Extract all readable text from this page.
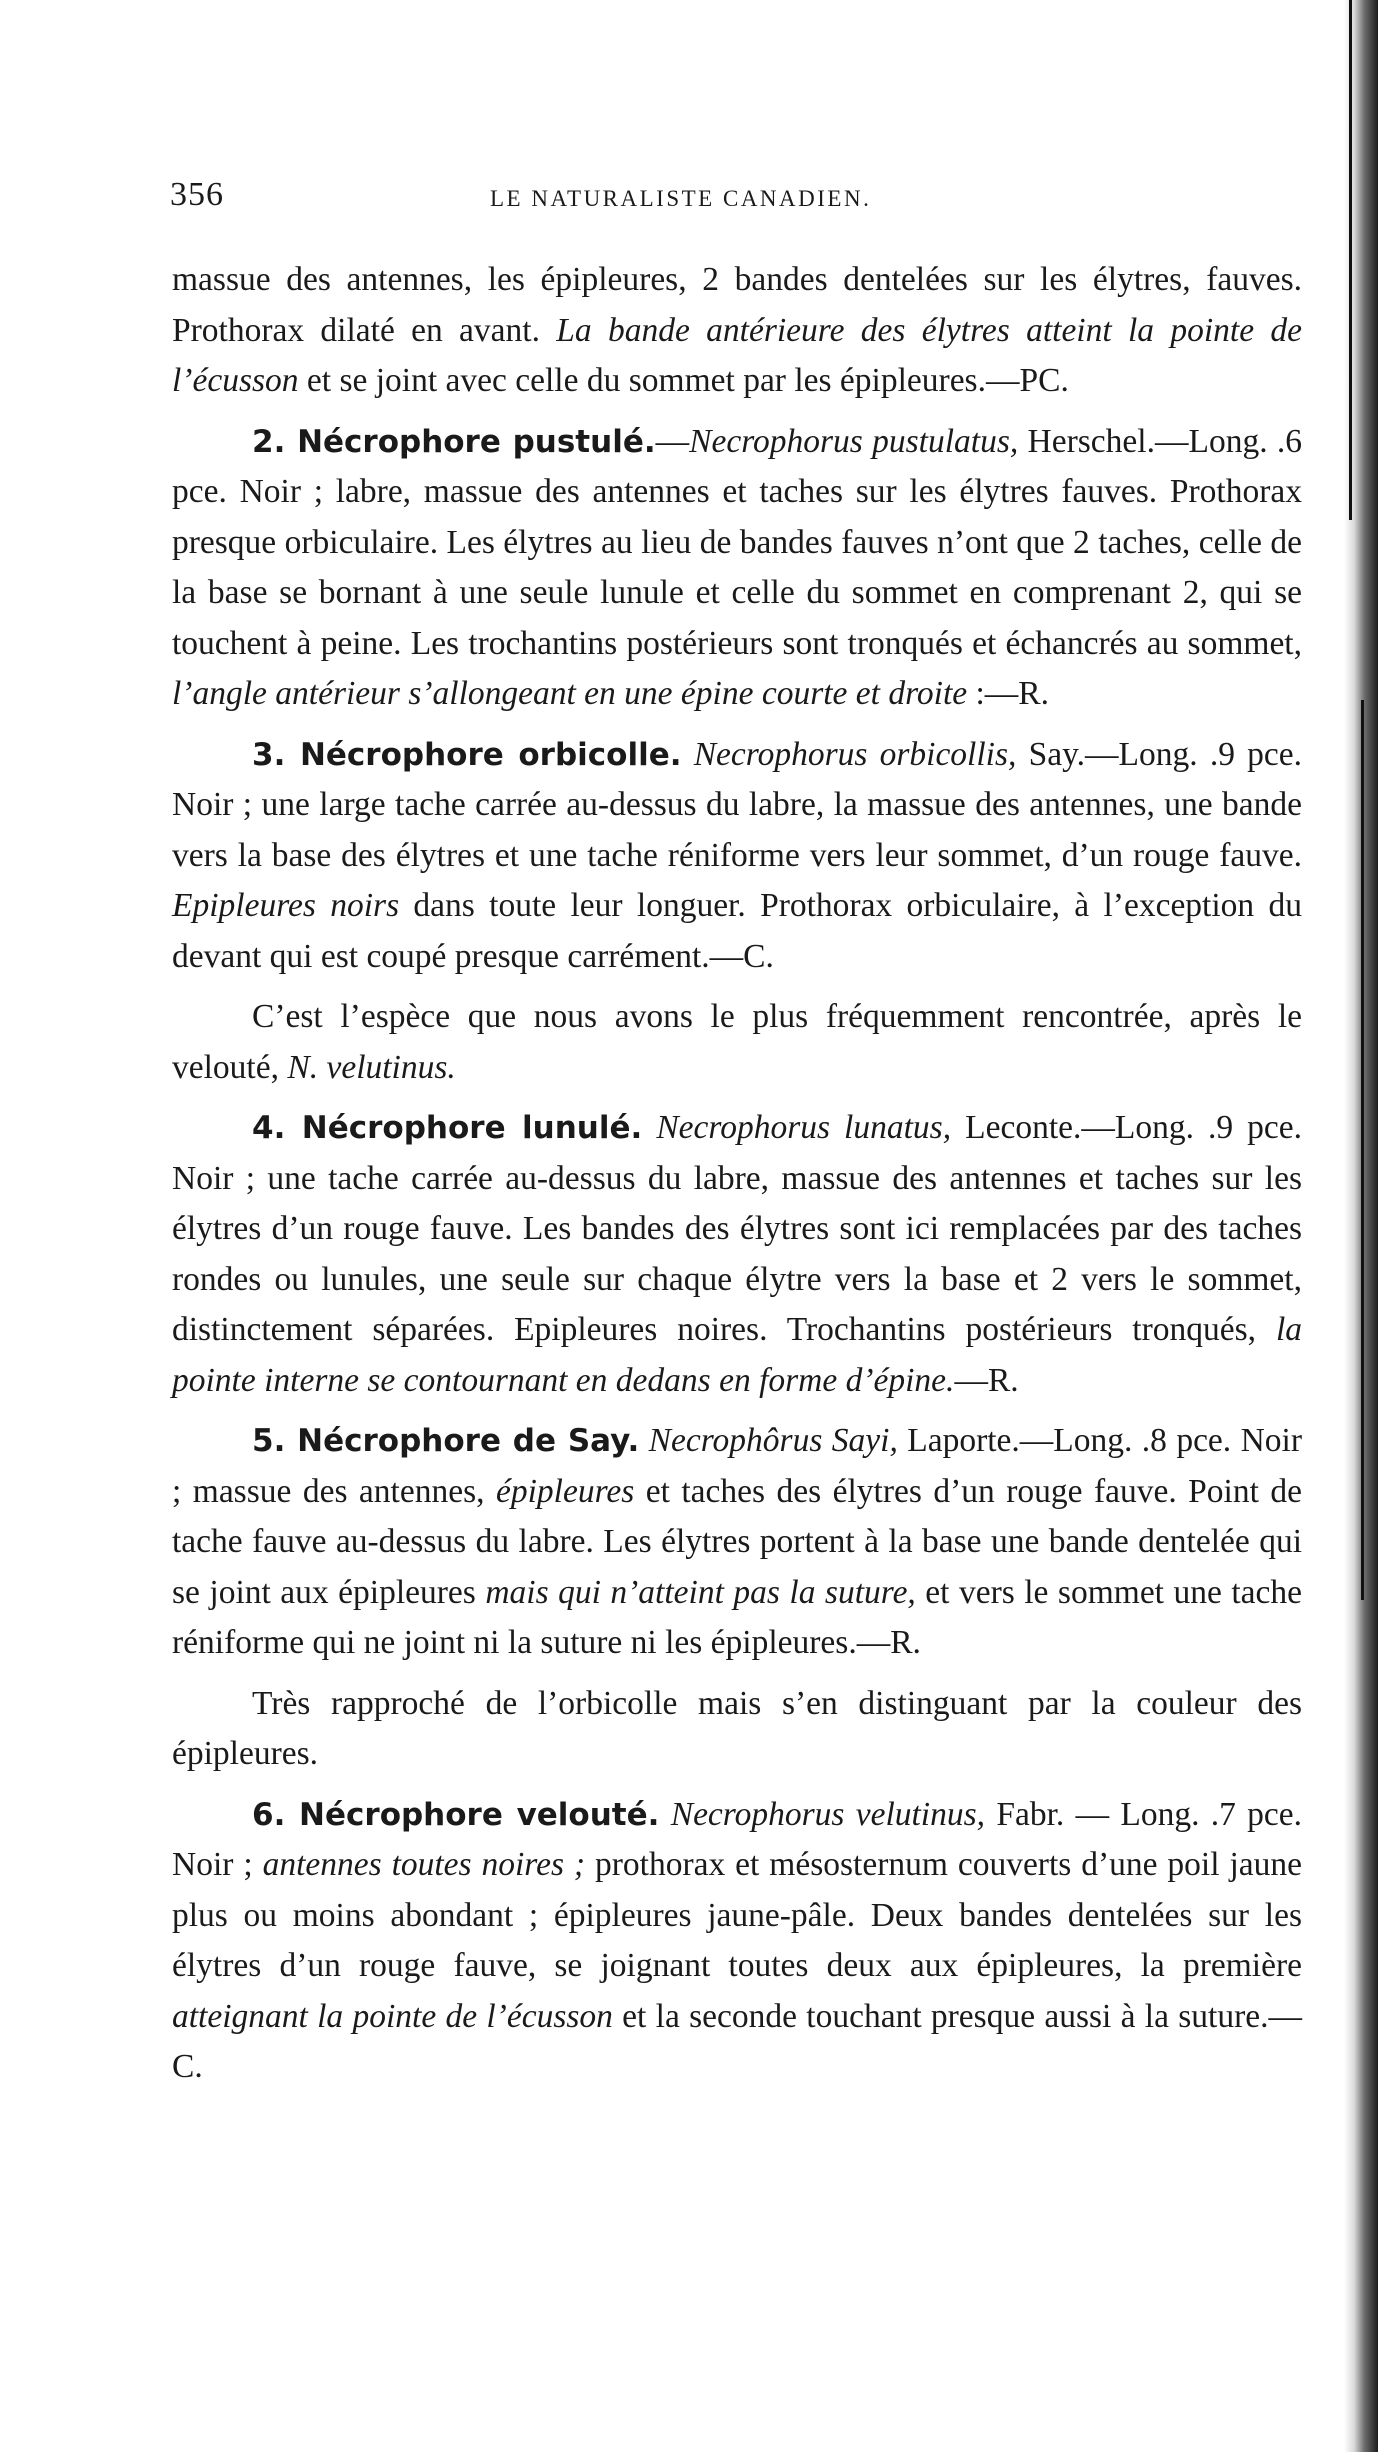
356	LE NATURALISTE CANADIEN.

massue des antennes, les épipleures, 2 bandes dentelées sur les élytres, fauves. Prothorax dilaté en avant. La bande antérieure des élytres atteint la pointe de l’écusson et se joint avec celle du sommet par les épipleures.—PC.

2. Nécrophore pustulé.—Necrophorus pustulatus, Herschel.—Long. .6 pce. Noir ; labre, massue des antennes et taches sur les élytres fauves. Prothorax presque orbiculaire. Les élytres au lieu de bandes fauves n’ont que 2 taches, celle de la base se bornant à une seule lunule et celle du sommet en comprenant 2, qui se touchent à peine. Les trochantins postérieurs sont tronqués et échancrés au sommet, l’angle antérieur s’allongeant en une épine courte et droite :—R.

3. Nécrophore orbicolle. Necrophorus orbicollis, Say.—Long. .9 pce. Noir ; une large tache carrée au-dessus du labre, la massue des antennes, une bande vers la base des élytres et une tache réniforme vers leur sommet, d’un rouge fauve. Epipleures noirs dans toute leur longuer. Prothorax orbiculaire, à l’exception du devant qui est coupé presque carrément.—C.

C’est l’espèce que nous avons le plus fréquemment rencontrée, après le velouté, N. velutinus.

4. Nécrophore lunulé. Necrophorus lunatus, Leconte.—Long. .9 pce. Noir ; une tache carrée au-dessus du labre, massue des antennes et taches sur les élytres d’un rouge fauve. Les bandes des élytres sont ici remplacées par des taches rondes ou lunules, une seule sur chaque élytre vers la base et 2 vers le sommet, distinctement séparées. Epipleures noires. Trochantins postérieurs tronqués, la pointe interne se contournant en dedans en forme d’épine.—R.

5. Nécrophore de Say. Necrophôrus Sayi, Laporte.—Long. .8 pce. Noir ; massue des antennes, épipleures et taches des élytres d’un rouge fauve. Point de tache fauve au-dessus du labre. Les élytres portent à la base une bande dentelée qui se joint aux épipleures mais qui n’atteint pas la suture, et vers le sommet une tache réniforme qui ne joint ni la suture ni les épipleures.—R.

Très rapproché de l’orbicolle mais s’en distinguant par la couleur des épipleures.

6. Nécrophore velouté. Necrophorus velutinus, Fabr. — Long. .7 pce. Noir ; antennes toutes noires ; prothorax et mésosternum couverts d’une poil jaune plus ou moins abondant ; épipleures jaune-pâle. Deux bandes dentelées sur les élytres d’un rouge fauve, se joignant toutes deux aux épipleures, la première atteignant la pointe de l’écusson et la seconde touchant presque aussi à la suture.—C.
